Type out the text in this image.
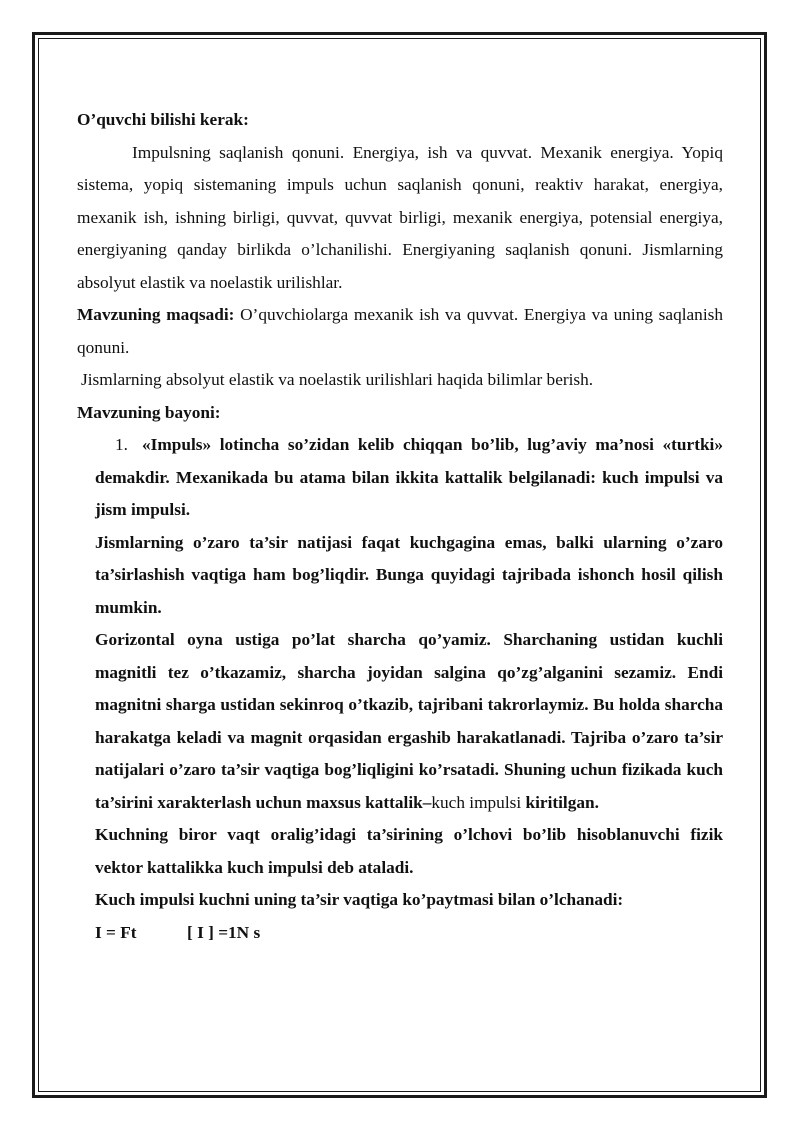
O’quvchi bilishi kerak:

Impulsning saqlanish qonuni. Energiya, ish va quvvat. Mexanik energiya. Yopiq sistema, yopiq sistemaning impuls uchun saqlanish qonuni, reaktiv harakat, energiya, mexanik ish, ishning birligi, quvvat, quvvat birligi, mexanik energiya, potensial energiya, energiyaning qanday birlikda o’lchanilishi. Energiyaning saqlanish qonuni. Jismlarning absolyut elastik va noelastik urilishlar.

Mavzuning maqsadi: O’quvchiolarga mexanik ish va quvvat. Energiya va uning saqlanish qonuni.

Jismlarning absolyut elastik va noelastik urilishlari haqida bilimlar berish.

Mavzuning bayoni:

1. «Impuls» lotincha so’zidan kelib chiqqan bo’lib, lug’aviy ma’nosi «turtki» demakdir. Mexanikada bu atama bilan ikkita kattalik belgilanadi: kuch impulsi va jism impulsi.

Jismlarning o’zaro ta’sir natijasi faqat kuchgagina emas, balki ularning o’zaro ta’sirlashish vaqtiga ham bog’liqdir. Bunga quyidagi tajribada ishonch hosil qilish mumkin.

Gorizontal oyna ustiga po’lat sharcha qo’yamiz. Sharchaning ustidan kuchli magnitli tez o’tkazamiz, sharcha joyidan salgina qo’zg’alganini sezamiz. Endi magnitni sharga ustidan sekinroq o’tkazib, tajribani takrorlaymiz. Bu holda sharcha harakatga keladi va magnit orqasidan ergashib harakatlanadi. Tajriba o’zaro ta’sir natijalari o’zaro ta’sir vaqtiga bog’liqligini ko’rsatadi. Shuning uchun fizikada kuch ta’sirini xarakterlash uchun maxsus kattalik–kuch impulsi kiritilgan.

Kuchning biror vaqt oralig’idagi ta’sirining o’lchovi bo’lib hisoblanuvchi fizik vektor kattalikka kuch impulsi deb ataladi.

Kuch impulsi kuchni uning ta’sir vaqtiga ko’paytmasi bilan o’lchanadi:

I = Ft	[ I ] =1N s
